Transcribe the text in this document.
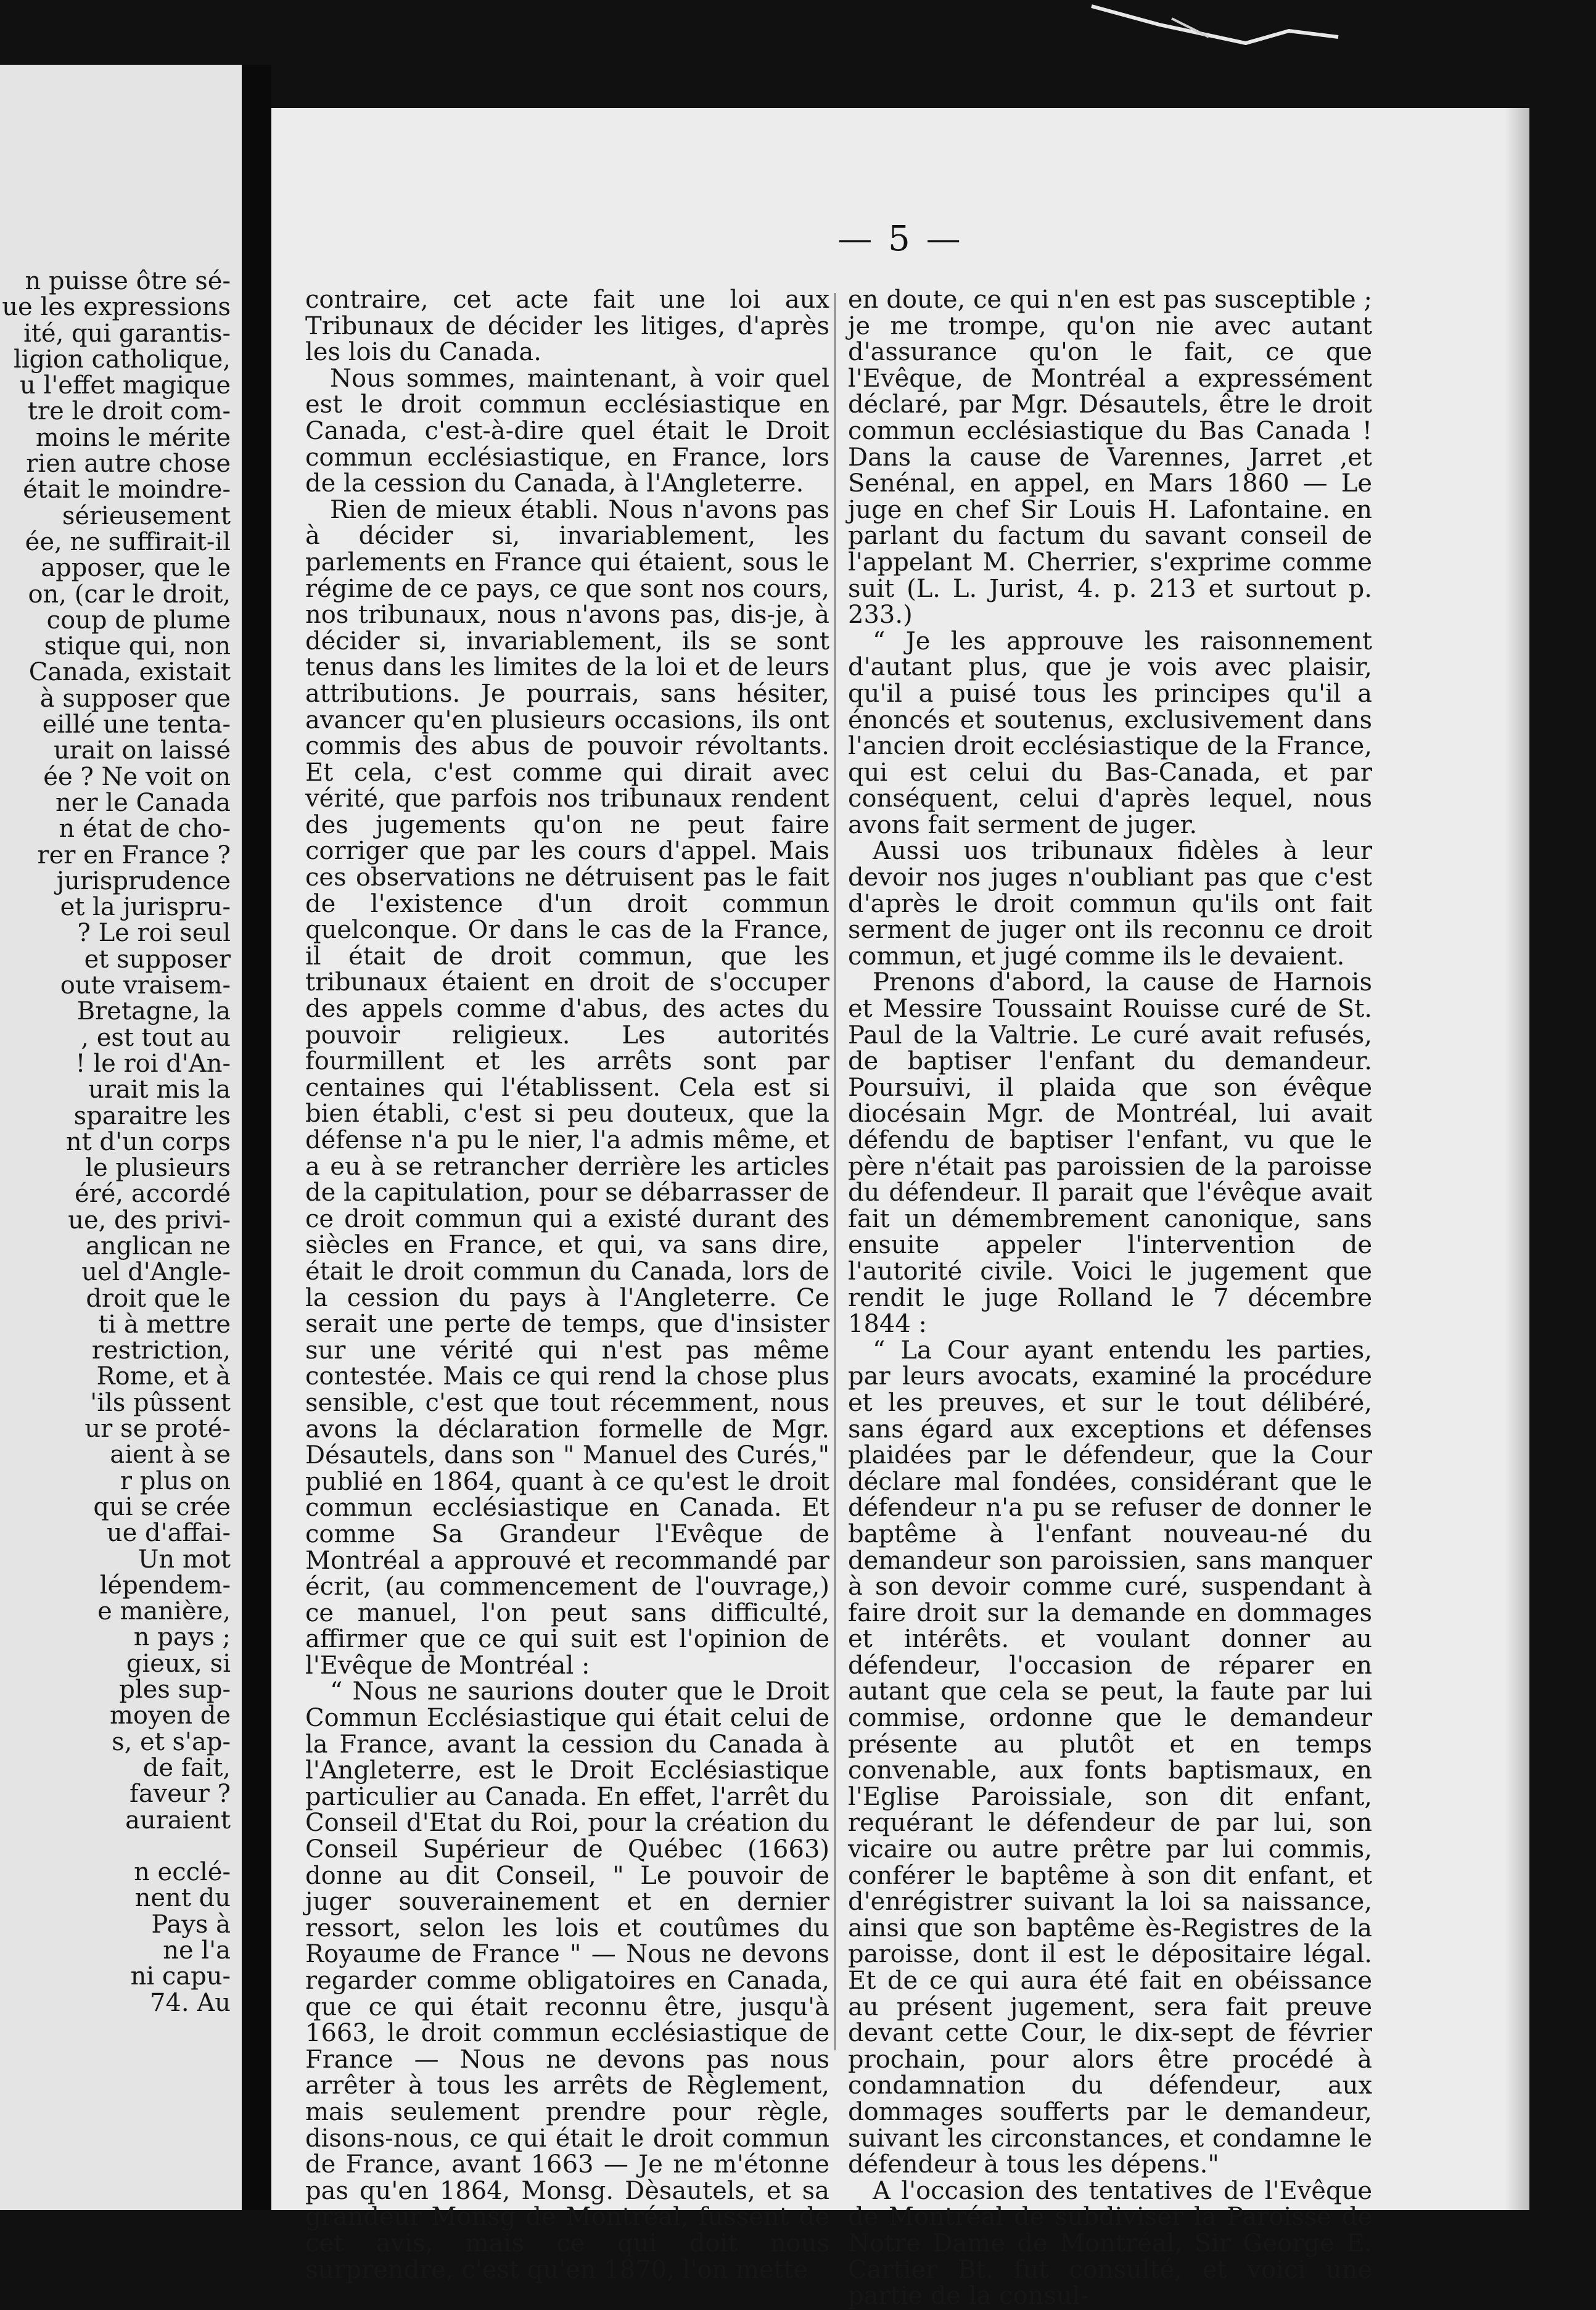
n puisse ôtre sé-
ue les expressions
ité, qui garantis-
ligion catholique,
u l'effet magique
tre le droit com-
moins le mérite
rien autre chose
était le moindre-
sérieusement
ée, ne suffirait-il
apposer, que le
on, (car le droit,
coup de plume
stique qui, non
Canada, existait
à supposer que
eillé une tenta-
urait on laissé
ée ? Ne voit on
ner le Canada
n état de cho-
rer en France ?
jurisprudence
et la jurispru-
? Le roi seul
et supposer
oute vraisem-
Bretagne, la
, est tout au
! le roi d'An-
urait mis la
sparaitre les
nt d'un corps
le plusieurs
éré, accordé
ue, des privi-
anglican ne
uel d'Angle-
droit que le
ti à mettre
restriction,
Rome, et à
'ils pûssent
ur se proté-
aient à se
r plus on
qui se crée
ue d'affai-
Un mot
lépendem-
e manière,
n pays ;
gieux, si
ples sup-
moyen de
s, et s'ap-
de fait,
faveur ?
auraient
n ecclé-
nent du
Pays à
ne l'a
ni capu-
74. Au
— 5 —

contraire, cet acte fait une loi aux Tribunaux de décider les litiges, d'après les lois du Canada.

Nous sommes, maintenant, à voir quel est le droit commun ecclésiastique en Canada, c'est-à-dire quel était le Droit commun ecclésiastique, en France, lors de la cession du Canada, à l'Angleterre.

Rien de mieux établi. Nous n'avons pas à décider si, invariablement, les parlements en France qui étaient, sous le régime de ce pays, ce que sont nos cours, nos tribunaux, nous n'avons pas, dis-je, à décider si, invariablement, ils se sont tenus dans les limites de la loi et de leurs attributions. Je pourrais, sans hésiter, avancer qu'en plusieurs occasions, ils ont commis des abus de pouvoir révoltants. Et cela, c'est comme qui dirait avec vérité, que parfois nos tribunaux rendent des jugements qu'on ne peut faire corriger que par les cours d'appel. Mais ces observations ne détruisent pas le fait de l'existence d'un droit commun quelconque. Or dans le cas de la France, il était de droit commun, que les tribunaux étaient en droit de s'occuper des appels comme d'abus, des actes du pouvoir religieux. Les autorités fourmillent et les arrêts sont par centaines qui l'établissent. Cela est si bien établi, c'est si peu douteux, que la défense n'a pu le nier, l'a admis même, et a eu à se retrancher derrière les articles de la capitulation, pour se débarrasser de ce droit commun qui a existé durant des siècles en France, et qui, va sans dire, était le droit commun du Canada, lors de la cession du pays à l'Angleterre. Ce serait une perte de temps, que d'insister sur une vérité qui n'est pas même contestée. Mais ce qui rend la chose plus sensible, c'est que tout récemment, nous avons la déclaration formelle de Mgr. Désautels, dans son " Manuel des Curés," publié en 1864, quant à ce qu'est le droit commun ecclésiastique en Canada. Et comme Sa Grandeur l'Evêque de Montréal a approuvé et recommandé par écrit, (au commencement de l'ouvrage,) ce manuel, l'on peut sans difficulté, affirmer que ce qui suit est l'opinion de l'Evêque de Montréal :

“ Nous ne saurions douter que le Droit Commun Ecclésiastique qui était celui de la France, avant la cession du Canada à l'Angleterre, est le Droit Ecclésiastique particulier au Canada. En effet, l'arrêt du Conseil d'Etat du Roi, pour la création du Conseil Supérieur de Québec (1663) donne au dit Conseil, " Le pouvoir de juger souverainement et en dernier ressort, selon les lois et coutûmes du Royaume de France " — Nous ne devons regarder comme obligatoires en Canada, que ce qui était reconnu être, jusqu'à 1663, le droit commun ecclésiastique de France — Nous ne devons pas nous arrêter à tous les arrêts de Règlement, mais seulement prendre pour règle, disons-nous, ce qui était le droit commun de France, avant 1663 — Je ne m'étonne pas qu'en 1864, Monsg. Dèsautels, et sa grandeur Monsg de Montréal, fussent de cet avis, mais ce qui doit nous surprendre, c'est qu'en 1870, l'on mette

en doute, ce qui n'en est pas susceptible ; je me trompe, qu'on nie avec autant d'assurance qu'on le fait, ce que l'Evêque, de Montréal a expressément déclaré, par Mgr. Désautels, être le droit commun ecclésiastique du Bas Canada ! Dans la cause de Varennes, Jarret ,et Senénal, en appel, en Mars 1860 — Le juge en chef Sir Louis H. Lafontaine. en parlant du factum du savant conseil de l'appelant M. Cherrier, s'exprime comme suit (L. L. Jurist, 4. p. 213 et surtout p. 233.)

“ Je les approuve les raisonnement d'autant plus, que je vois avec plaisir, qu'il a puisé tous les principes qu'il a énoncés et soutenus, exclusivement dans l'ancien droit ecclésiastique de la France, qui est celui du Bas-Canada, et par conséquent, celui d'après lequel, nous avons fait serment de juger.

Aussi uos tribunaux fidèles à leur devoir nos juges n'oubliant pas que c'est d'après le droit commun qu'ils ont fait serment de juger ont ils reconnu ce droit commun, et jugé comme ils le devaient.

Prenons d'abord, la cause de Harnois et Messire Toussaint Rouisse curé de St. Paul de la Valtrie. Le curé avait refusés, de baptiser l'enfant du demandeur. Poursuivi, il plaida que son évêque diocésain Mgr. de Montréal, lui avait défendu de baptiser l'enfant, vu que le père n'était pas paroissien de la paroisse du défendeur. Il parait que l'évêque avait fait un démembrement canonique, sans ensuite appeler l'intervention de l'autorité civile. Voici le jugement que rendit le juge Rolland le 7 décembre 1844 :

“ La Cour ayant entendu les parties, par leurs avocats, examiné la procédure et les preuves, et sur le tout délibéré, sans égard aux exceptions et défenses plaidées par le défendeur, que la Cour déclare mal fondées, considérant que le défendeur n'a pu se refuser de donner le baptême à l'enfant nouveau-né du demandeur son paroissien, sans manquer à son devoir comme curé, suspendant à faire droit sur la demande en dommages et intérêts. et voulant donner au défendeur, l'occasion de réparer en autant que cela se peut, la faute par lui commise, ordonne que le demandeur présente au plutôt et en temps convenable, aux fonts baptismaux, en l'Eglise Paroissiale, son dit enfant, requérant le défendeur de par lui, son vicaire ou autre prêtre par lui commis, conférer le baptême à son dit enfant, et d'enrégistrer suivant la loi sa naissance, ainsi que son baptême ès-Registres de la paroisse, dont il est le dépositaire légal. Et de ce qui aura été fait en obéissance au présent jugement, sera fait preuve devant cette Cour, le dix-sept de février prochain, pour alors être procédé à condamnation du défendeur, aux dommages soufferts par le demandeur, suivant les circonstances, et condamne le défendeur à tous les dépens."

A l'occasion des tentatives de l'Evêque de Montréal de subdiviser la Paroisse de Notre Dame de Montréal, Sir George E. Cartier Bt. fut consulté, et voici une partie de la consul-
